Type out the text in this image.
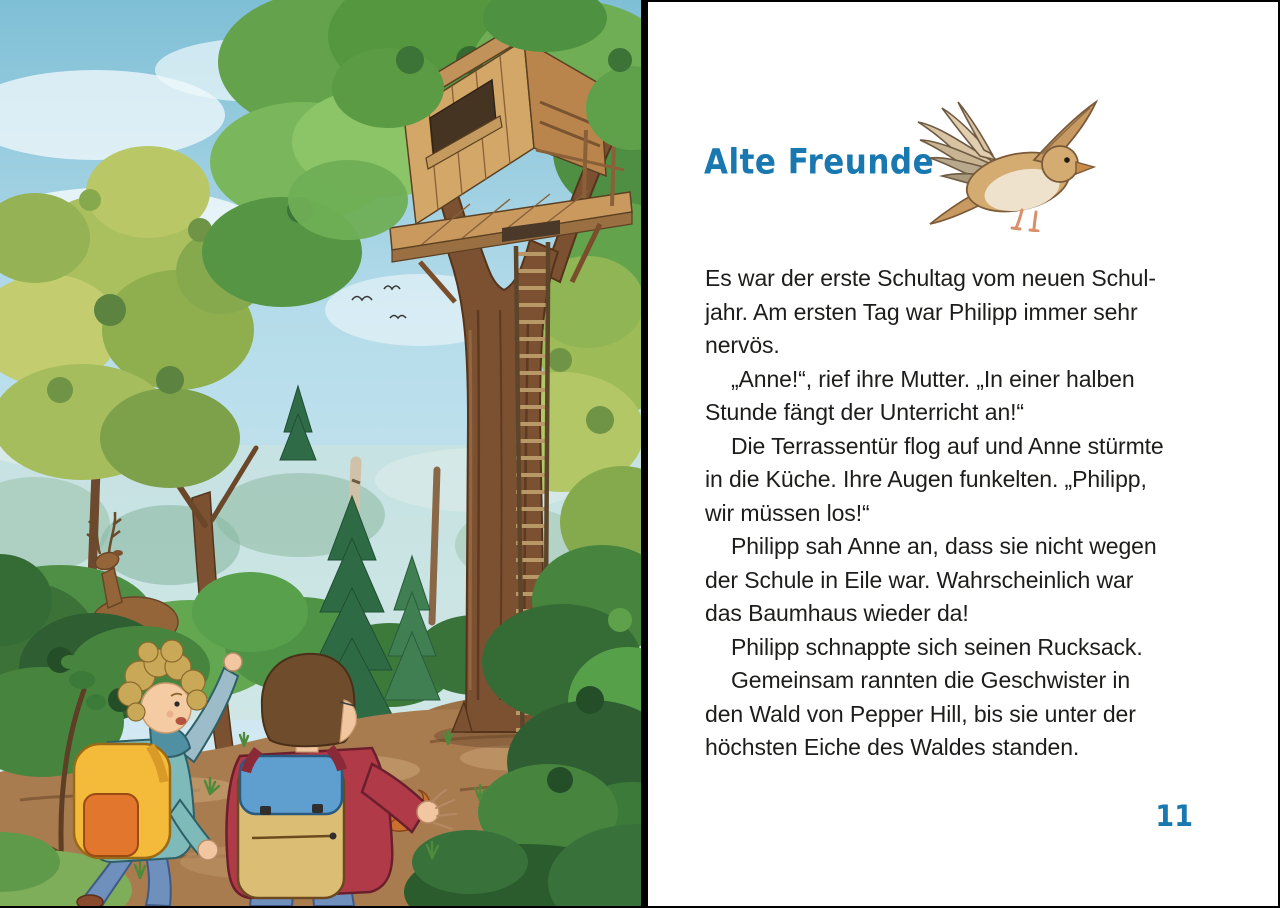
Alte Freunde
Es war der erste Schultag vom neuen Schul-
jahr. Am ersten Tag war Philipp immer sehr
nervös.
„Anne!“, rief ihre Mutter. „In einer halben
Stunde fängt der Unterricht an!“
Die Terrassentür flog auf und Anne stürmte
in die Küche. Ihre Augen funkelten. „Philipp,
wir müssen los!“
Philipp sah Anne an, dass sie nicht wegen
der Schule in Eile war. Wahrscheinlich war
das Baumhaus wieder da!
Philipp schnappte sich seinen Rucksack.
Gemeinsam rannten die Geschwister in
den Wald von Pepper Hill, bis sie unter der
höchsten Eiche des Waldes standen.
11
